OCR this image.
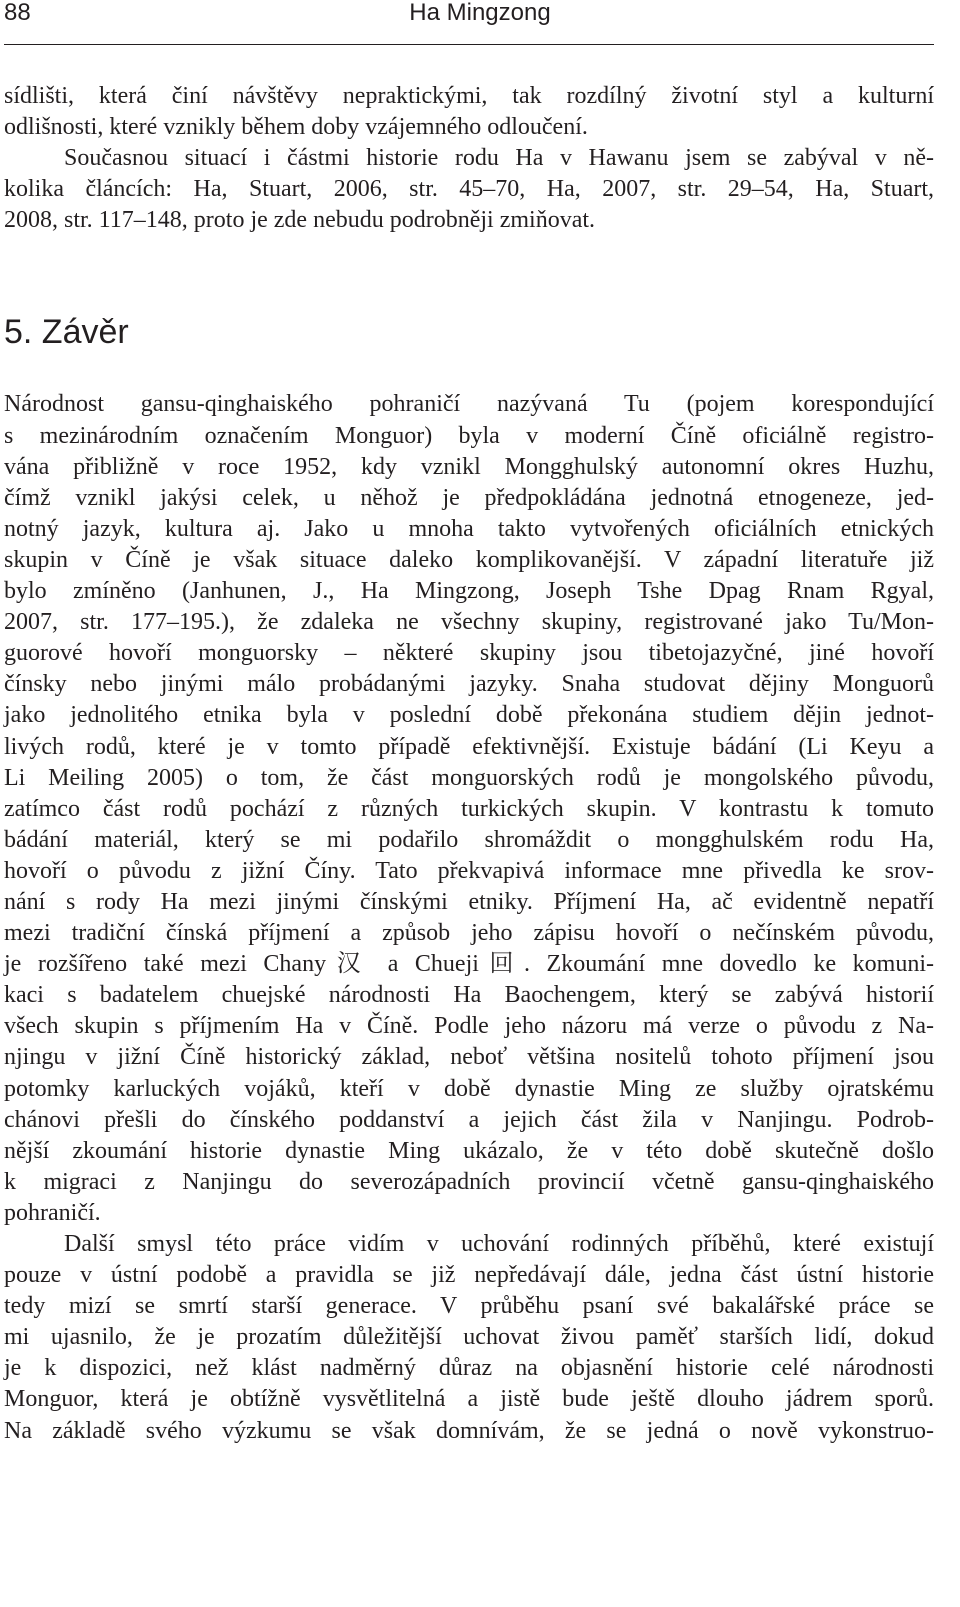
88	Ha Mingzong

sídlišti, která činí návštěvy nepraktickými, tak rozdílný životní styl a kulturní
odlišnosti, které vznikly během doby vzájemného odloučení.

Současnou situací i částmi historie rodu Ha v Hawanu jsem se zabýval v ně-
kolika článcích: Ha, Stuart, 2006, str. 45–70, Ha, 2007, str. 29–54, Ha, Stuart,
2008, str. 117–148, proto je zde nebudu podrobněji zmiňovat.

5. Závěr

Národnost gansu-qinghaiského pohraničí nazývaná Tu (pojem korespondující
s mezinárodním označením Monguor) byla v moderní Číně oficiálně registro-
vána přibližně v roce 1952, kdy vznikl Mongghulský autonomní okres Huzhu,
čímž vznikl jakýsi celek, u něhož je předpokládána jednotná etnogeneze, jed-
notný jazyk, kultura aj. Jako u mnoha takto vytvořených oficiálních etnických
skupin v Číně je však situace daleko komplikovanější. V západní literatuře již
bylo zmíněno (Janhunen, J., Ha Mingzong, Joseph Tshe Dpag Rnam Rgyal,
2007, str. 177–195.), že zdaleka ne všechny skupiny, registrované jako Tu/Mon-
guorové hovoří monguorsky – některé skupiny jsou tibetojazyčné, jiné hovoří
čínsky nebo jinými málo probádanými jazyky. Snaha studovat dějiny Monguorů
jako jednolitého etnika byla v poslední době překonána studiem dějin jednot-
livých rodů, které je v tomto případě efektivnější. Existuje bádání (Li Keyu a
Li Meiling 2005) o tom, že část monguorských rodů je mongolského původu,
zatímco část rodů pochází z různých turkických skupin. V kontrastu k tomuto
bádání materiál, který se mi podařilo shromáždit o mongghulském rodu Ha,
hovoří o původu z jižní Číny. Tato překvapivá informace mne přivedla ke srov-
nání s rody Ha mezi jinými čínskými etniky. Příjmení Ha, ač evidentně nepatří
mezi tradiční čínská příjmení a způsob jeho zápisu hovoří o nečínském původu,
je rozšířeno také mezi Chany汉 a Chueji回. Zkoumání mne dovedlo ke komuni-
kaci s badatelem chuejské národnosti Ha Baochengem, který se zabývá historií
všech skupin s příjmením Ha v Číně. Podle jeho názoru má verze o původu z Na-
njingu v jižní Číně historický základ, neboť většina nositelů tohoto příjmení jsou
potomky karluckých vojáků, kteří v době dynastie Ming ze služby ojratskému
chánovi přešli do čínského poddanství a jejich část žila v Nanjingu. Podrob-
nější zkoumání historie dynastie Ming ukázalo, že v této době skutečně došlo
k migraci z Nanjingu do severozápadních provincií včetně gansu-qinghaiského
pohraničí.

Další smysl této práce vidím v uchování rodinných příběhů, které existují
pouze v ústní podobě a pravidla se již nepředávají dále, jedna část ústní historie
tedy mizí se smrtí starší generace. V průběhu psaní své bakalářské práce se
mi ujasnilo, že je prozatím důležitější uchovat živou paměť starších lidí, dokud
je k dispozici, než klást nadměrný důraz na objasnění historie celé národnosti
Monguor, která je obtížně vysvětlitelná a jistě bude ještě dlouho jádrem sporů.
Na základě svého výzkumu se však domnívám, že se jedná o nově vykonstruo-
